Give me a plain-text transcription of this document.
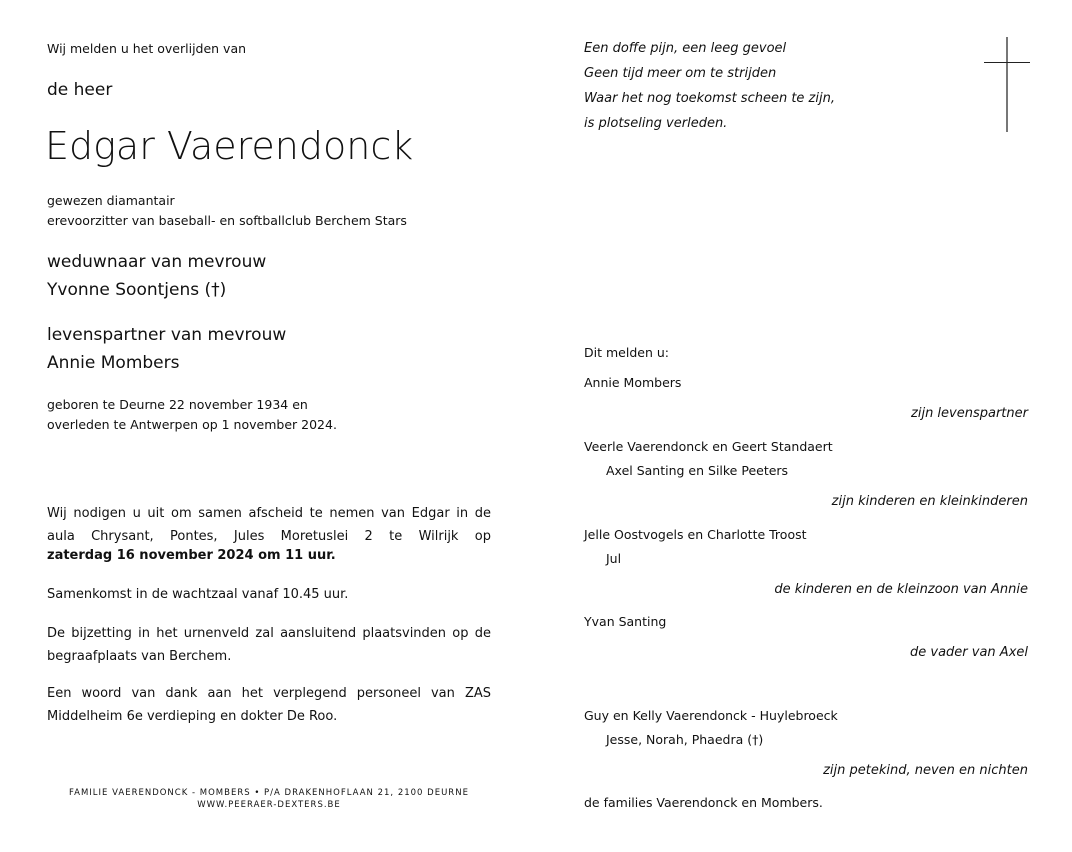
Wij melden u het overlijden van
de heer
Edgar Vaerendonck
gewezen diamantair
erevoorzitter van baseball- en softballclub Berchem Stars
weduwnaar van mevrouw
Yvonne Soontjens (†)
levenspartner van mevrouw
Annie Mombers
geboren te Deurne 22 november 1934 en
overleden te Antwerpen op 1 november 2024.
Wij nodigen u uit om samen afscheid te nemen van Edgar in de aula Chrysant, Pontes, Jules Moretuslei 2 te Wilrijk op
zaterdag 16 november 2024 om 11 uur.
Samenkomst in de wachtzaal vanaf 10.45 uur.
De bijzetting in het urnenveld zal aansluitend plaatsvinden op de begraafplaats van Berchem.
Een woord van dank aan het verplegend personeel van ZAS Middelheim 6e verdieping en dokter De Roo.
FAMILIE VAERENDONCK - MOMBERS • P/A DRAKENHOFLAAN 21, 2100 DEURNE
WWW.PEERAER-DEXTERS.BE
Een doffe pijn, een leeg gevoel
Geen tijd meer om te strijden
Waar het nog toekomst scheen te zijn,
is plotseling verleden.
Dit melden u:
Annie Mombers
zijn levenspartner
Veerle Vaerendonck en Geert Standaert
Axel Santing en Silke Peeters
zijn kinderen en kleinkinderen
Jelle Oostvogels en Charlotte Troost
Jul
de kinderen en de kleinzoon van Annie
Yvan Santing
de vader van Axel
Guy en Kelly Vaerendonck - Huylebroeck
Jesse, Norah, Phaedra (†)
zijn petekind, neven en nichten
de families Vaerendonck en Mombers.
